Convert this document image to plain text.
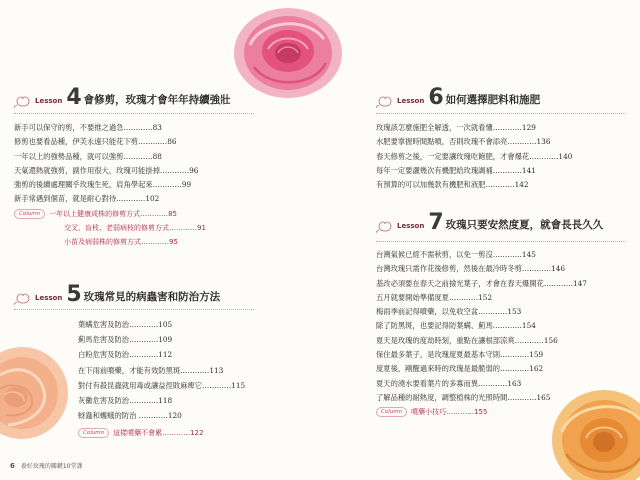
Lesson 4 會修剪，玫瑰才會年年持續強壯
新手可以保守的剪，不要推之過急…………83
修剪也要看品種，伊芙永遠只能花下剪…………86
一年以上的強勢品種，就可以強剪…………88
天氣還熱就強剪，副作用很大，玫瑰可能掛掉…………96
強剪的後續處理關乎玫瑰生死，肩角學起來…………99
新手常遇到個苗，就是耐心對待…………102
Column 一年以上健康成株的修剪方式…………85
交叉、盲枝、老弱病枝的修剪方式…………91
小苗及病弱株的修剪方式…………95
Lesson 5 玫瑰常見的病蟲害和防治方法
葉螨危害及防治…………105
薊馬危害及防治…………109
白粉危害及防治…………112
在下雨前噴藥，才能有效防黑斑…………113
對付有殺昆蟲就用毒或讓益徑敗麻痺它…………115
灰黴危害及防治…………118
蚜蟲和蠖蛾的防治 …………120
Column 這樣噴藥不會累…………122
6 養好玫瑰的關鍵10堂課
Lesson 6 如何選擇肥料和施肥
玫瑰該怎麼施肥全解透，一次就看懂…………129
水肥要掌握時間點噴，否則玫瑰不會添亮…………136
春天修剪之後，一定要讓玫瑰吃飽肥，才會爆花…………140
每年一定要灑幾次有機肥給玫瑰調補…………141
有預算的可以加幾款有機肥和液肥…………142
Lesson 7 玫瑰只要安然度夏，就會長長久久
台灣氣候已經不需秋剪，以免一剪沒…………145
台灣玫瑰只需作花後修剪，然後在最冷時冬剪…………146
基改必須要在春天之前撿光葉子，才會在春天爆開花…………147
五月就要開始準備度夏…………152
梅雨季前記得噴藥，以免收空盆…………153
除了防黑斑，也要記得防葉螨、薊馬…………154
夏天是玫瑰的度劫時刻，重點在讓根部涼爽…………156
保住最多葉子，是玫瑰度夏最基本守則…………159
度夏後，剛醒過來時的玫瑰是最脆弱的…………162
夏天的澆水要看葉片的多寡而異…………163
了解品種的耐熱度，調整植株的光照時間…………165
Column 噴藥小技巧…………155
